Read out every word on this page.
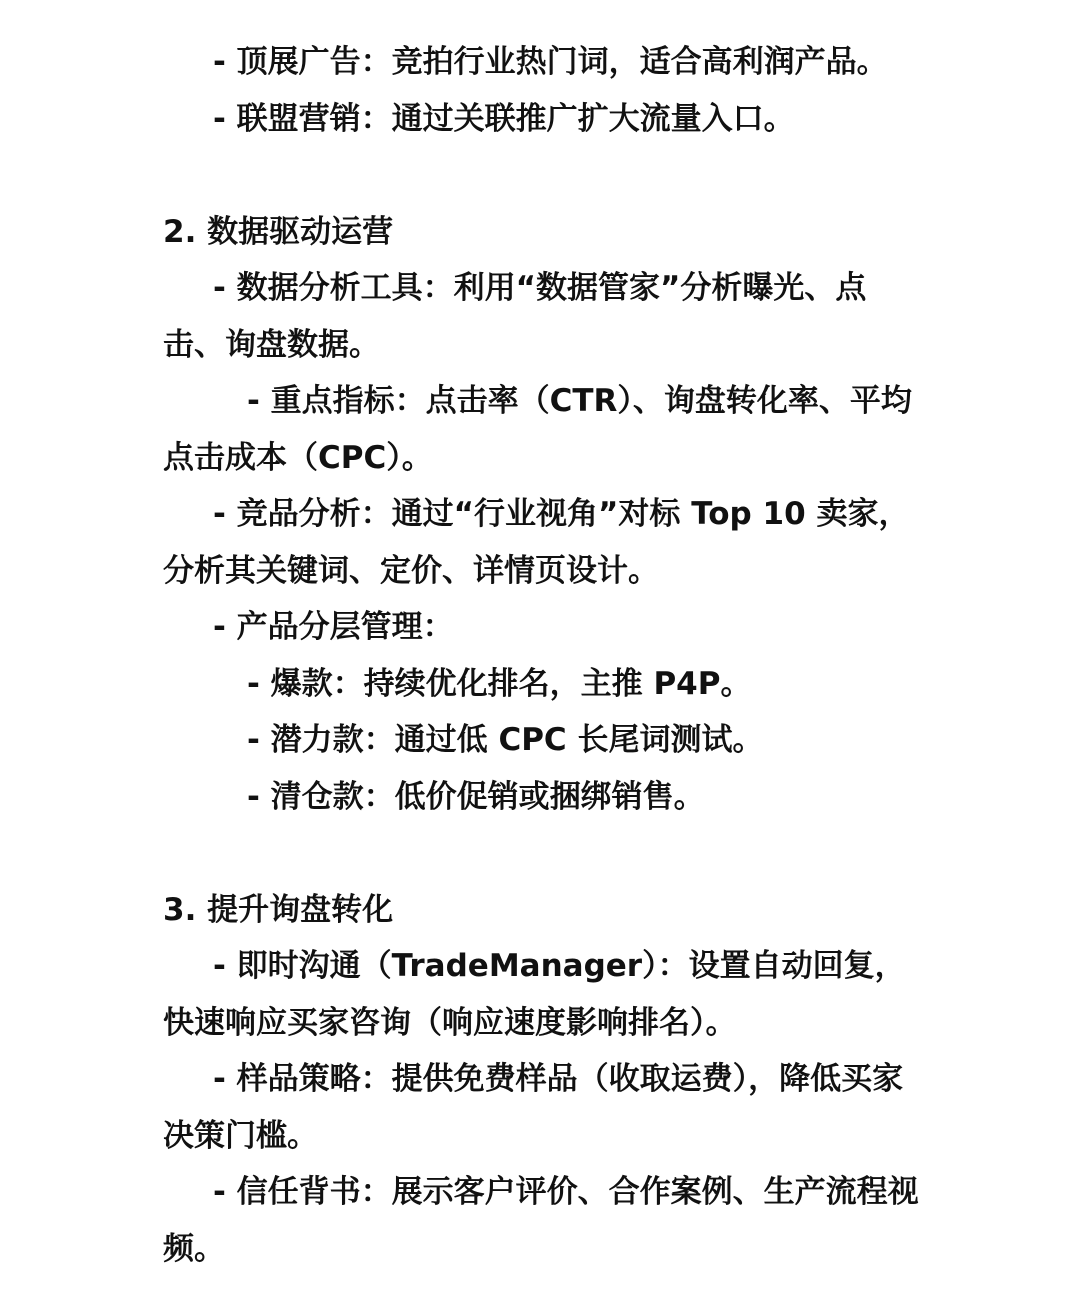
- 顶展广告：竞拍行业热门词，适合高利润产品。

- 联盟营销：通过关联推广扩大流量入口。

2. 数据驱动运营

- 数据分析工具：利用“数据管家”分析曝光、点击、询盘数据。

- 重点指标：点击率（CTR）、询盘转化率、平均点击成本（CPC）。

- 竞品分析：通过“行业视角”对标 Top 10 卖家，分析其关键词、定价、详情页设计。

- 产品分层管理：

- 爆款：持续优化排名，主推 P4P。

- 潜力款：通过低 CPC 长尾词测试。

- 清仓款：低价促销或捆绑销售。

3. 提升询盘转化

- 即时沟通（TradeManager）：设置自动回复，快速响应买家咨询（响应速度影响排名）。

- 样品策略：提供免费样品（收取运费），降低买家决策门槛。

- 信任背书：展示客户评价、合作案例、生产流程视频。
